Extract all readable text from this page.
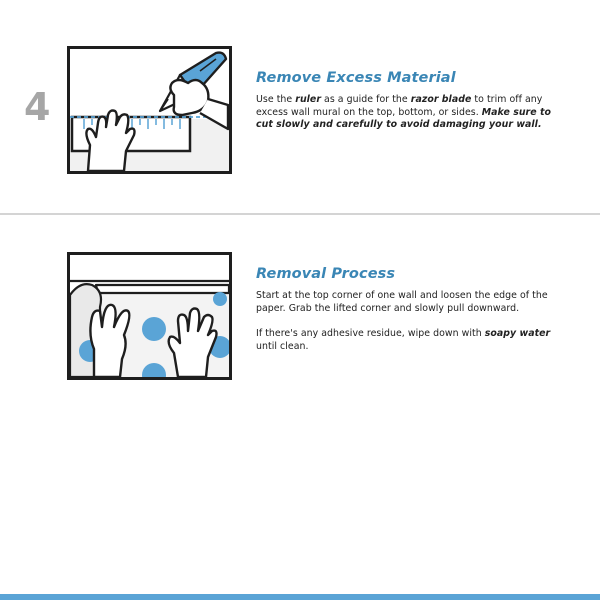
4
Remove Excess Material

Use the ruler as a guide for the razor blade to trim off any excess wall mural on the top, bottom, or sides. Make sure to cut slowly and carefully to avoid damaging your wall.

Removal Process

Start at the top corner of one wall and loosen the edge of the paper. Grab the lifted corner and slowly pull downward.

If there's any adhesive residue, wipe down with soapy water until clean.
